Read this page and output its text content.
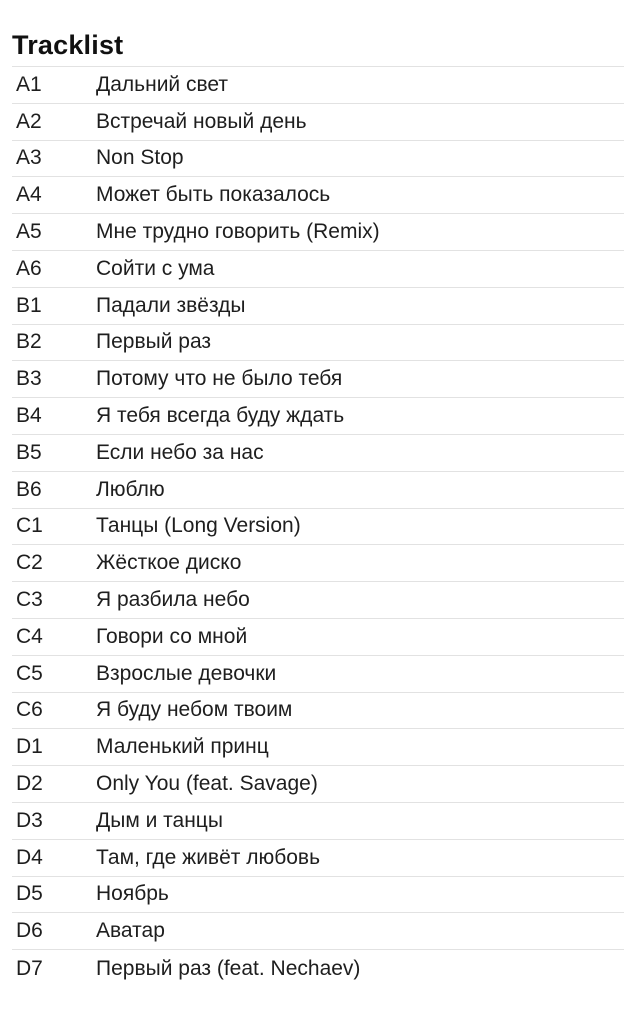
Tracklist
A1	Дальний свет
A2	Встречай новый день
A3	Non Stop
A4	Может быть показалось
A5	Мне трудно говорить (Remix)
A6	Сойти с ума
B1	Падали звёзды
B2	Первый раз
B3	Потому что не было тебя
B4	Я тебя всегда буду ждать
B5	Если небо за нас
B6	Люблю
C1	Танцы (Long Version)
C2	Жёсткое диско
C3	Я разбила небо
C4	Говори со мной
C5	Взрослые девочки
C6	Я буду небом твоим
D1	Маленький принц
D2	Only You (feat. Savage)
D3	Дым и танцы
D4	Там, где живёт любовь
D5	Ноябрь
D6	Аватар
D7	Первый раз (feat. Nechaev)
